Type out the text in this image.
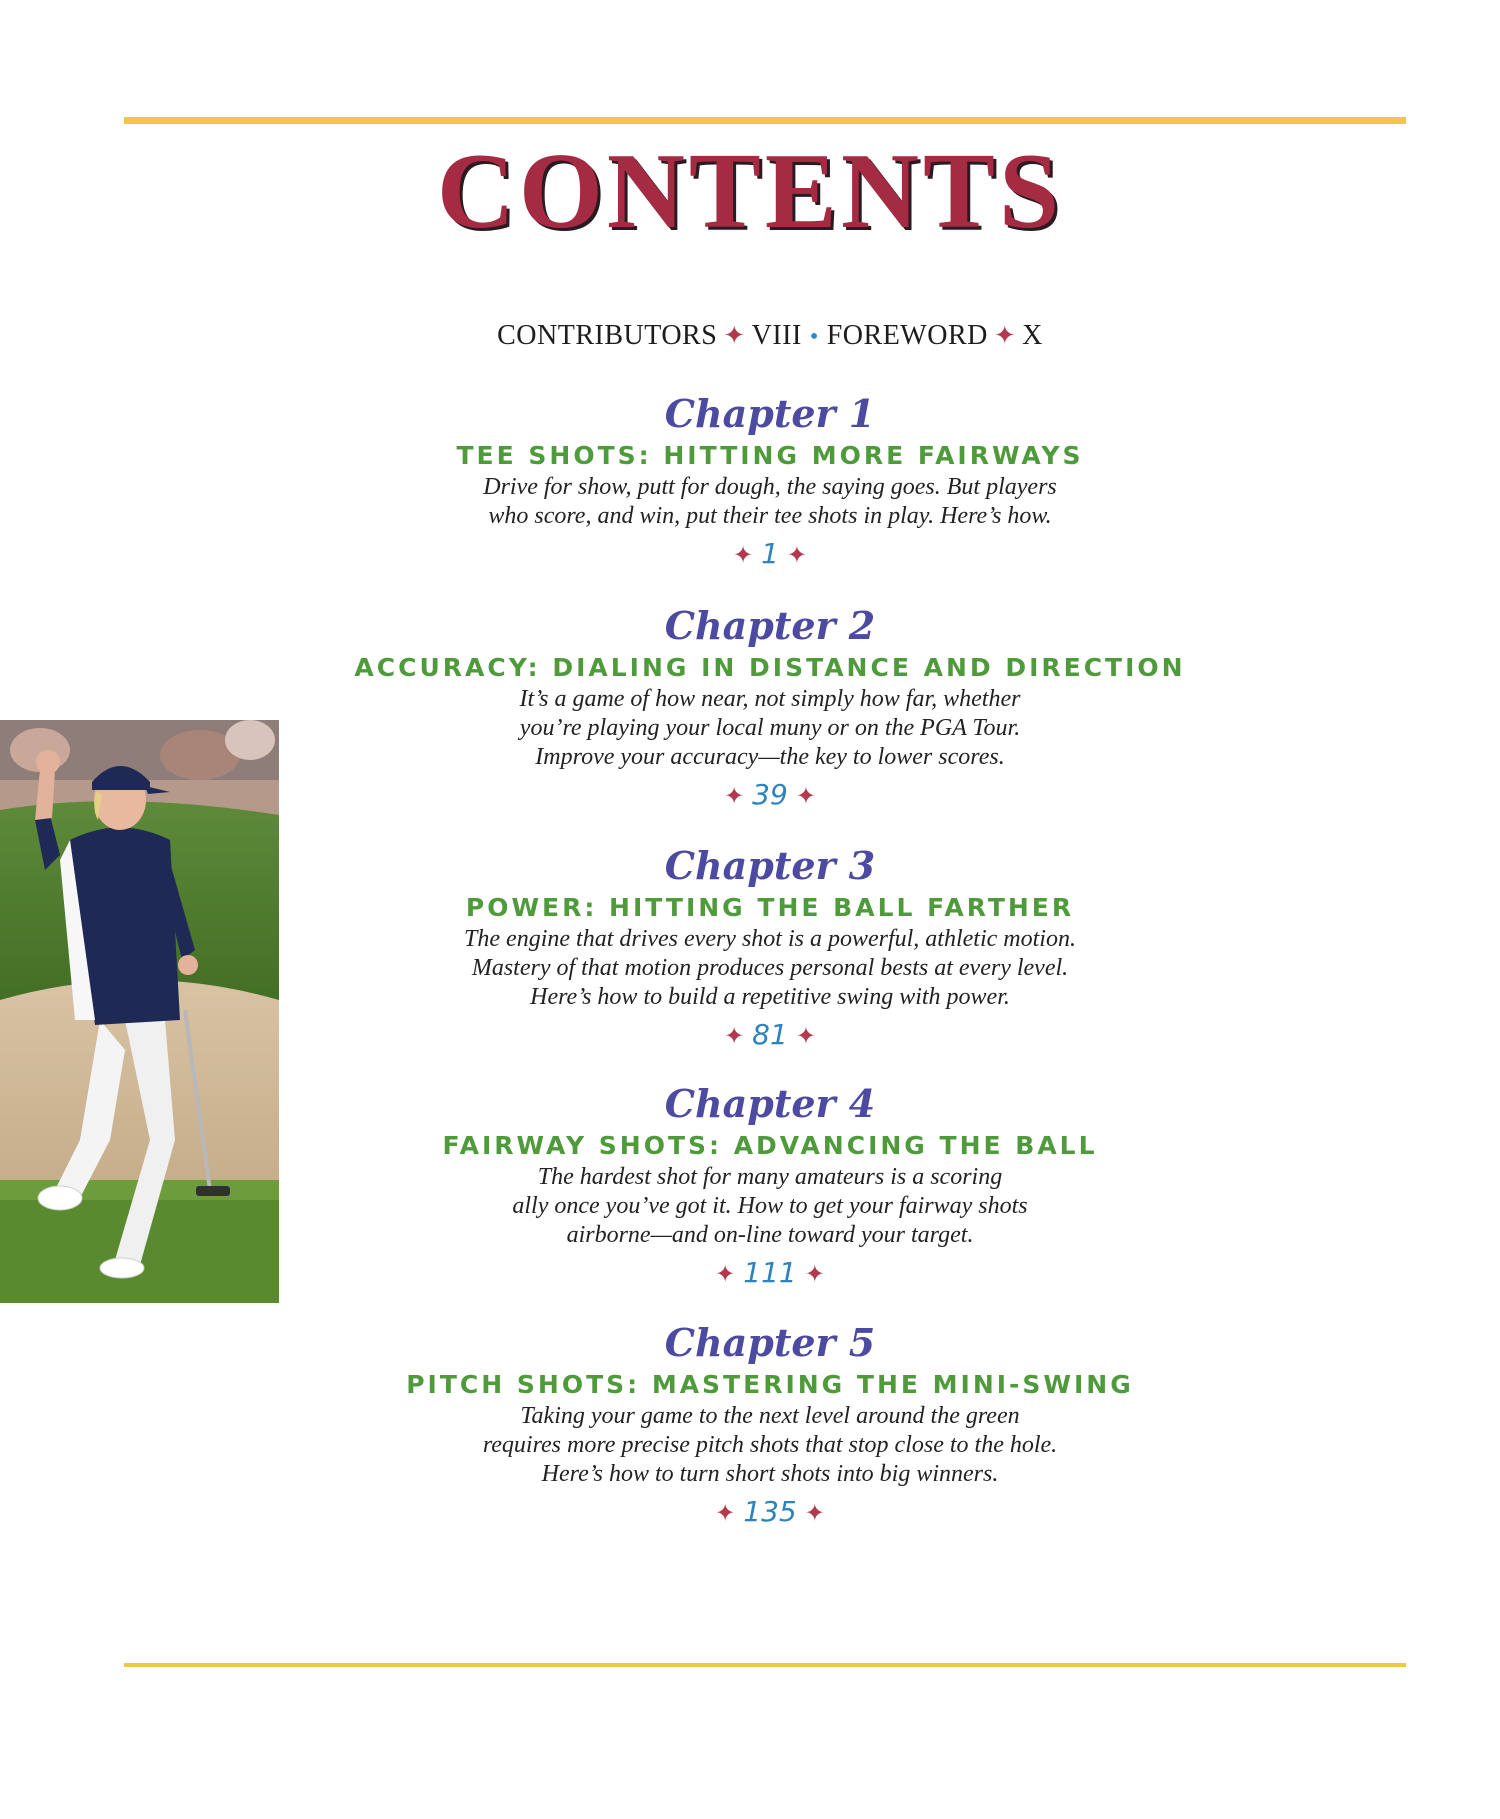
CONTENTS
CONTRIBUTORS ✦ VIII • FOREWORD ✦ X
Chapter 1
TEE SHOTS: HITTING MORE FAIRWAYS
Drive for show, putt for dough, the saying goes. But players
who score, and win, put their tee shots in play. Here’s how.
✦ 1 ✦
Chapter 2
ACCURACY: DIALING IN DISTANCE AND DIRECTION
It’s a game of how near, not simply how far, whether
you’re playing your local muny or on the PGA Tour.
Improve your accuracy—the key to lower scores.
✦ 39 ✦
Chapter 3
POWER: HITTING THE BALL FARTHER
The engine that drives every shot is a powerful, athletic motion.
Mastery of that motion produces personal bests at every level.
Here’s how to build a repetitive swing with power.
✦ 81 ✦
Chapter 4
FAIRWAY SHOTS: ADVANCING THE BALL
The hardest shot for many amateurs is a scoring
ally once you’ve got it. How to get your fairway shots
airborne—and on-line toward your target.
✦ 111 ✦
Chapter 5
PITCH SHOTS: MASTERING THE MINI-SWING
Taking your game to the next level around the green
requires more precise pitch shots that stop close to the hole.
Here’s how to turn short shots into big winners.
✦ 135 ✦
